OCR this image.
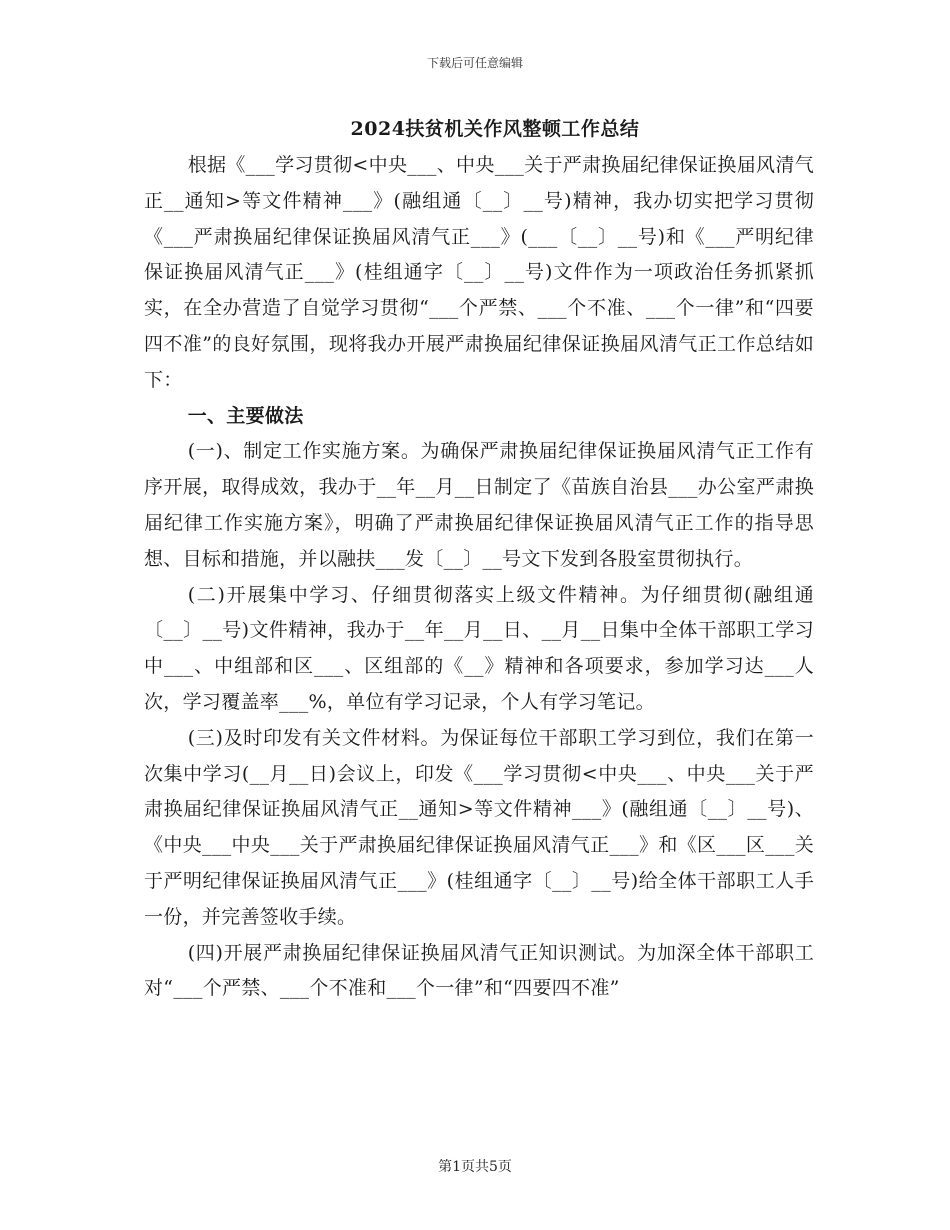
下载后可任意编辑
2024扶贫机关作风整顿工作总结

根据《___学习贯彻<中央___、中央___关于严肃换届纪律保证换届风清气正__通知>等文件精神___》(融组通〔__〕__号)精神，我办切实把学习贯彻《___严肃换届纪律保证换届风清气正___》(___〔__〕__号)和《___严明纪律保证换届风清气正___》(桂组通字〔__〕__号)文件作为一项政治任务抓紧抓实，在全办营造了自觉学习贯彻“___个严禁、___个不准、___个一律”和“四要四不准”的良好氛围，现将我办开展严肃换届纪律保证换届风清气正工作总结如下：

一、主要做法

(一)、制定工作实施方案。为确保严肃换届纪律保证换届风清气正工作有序开展，取得成效，我办于__年__月__日制定了《苗族自治县___办公室严肃换届纪律工作实施方案》，明确了严肃换届纪律保证换届风清气正工作的指导思想、目标和措施，并以融扶___发〔__〕__号文下发到各股室贯彻执行。

(二)开展集中学习、仔细贯彻落实上级文件精神。为仔细贯彻(融组通〔__〕__号)文件精神，我办于__年__月__日、__月__日集中全体干部职工学习中___、中组部和区___、区组部的《__》精神和各项要求，参加学习达___人次，学习覆盖率___%，单位有学习记录，个人有学习笔记。

(三)及时印发有关文件材料。为保证每位干部职工学习到位，我们在第一次集中学习(__月__日)会议上，印发《___学习贯彻<中央___、中央___关于严肃换届纪律保证换届风清气正__通知>等文件精神___》(融组通〔__〕__号)、《中央___中央___关于严肃换届纪律保证换届风清气正___》和《区___区___关于严明纪律保证换届风清气正___》(桂组通字〔__〕__号)给全体干部职工人手一份，并完善签收手续。

(四)开展严肃换届纪律保证换届风清气正知识测试。为加深全体干部职工对“___个严禁、___个不准和___个一律”和“四要四不准”

第1页共5页
